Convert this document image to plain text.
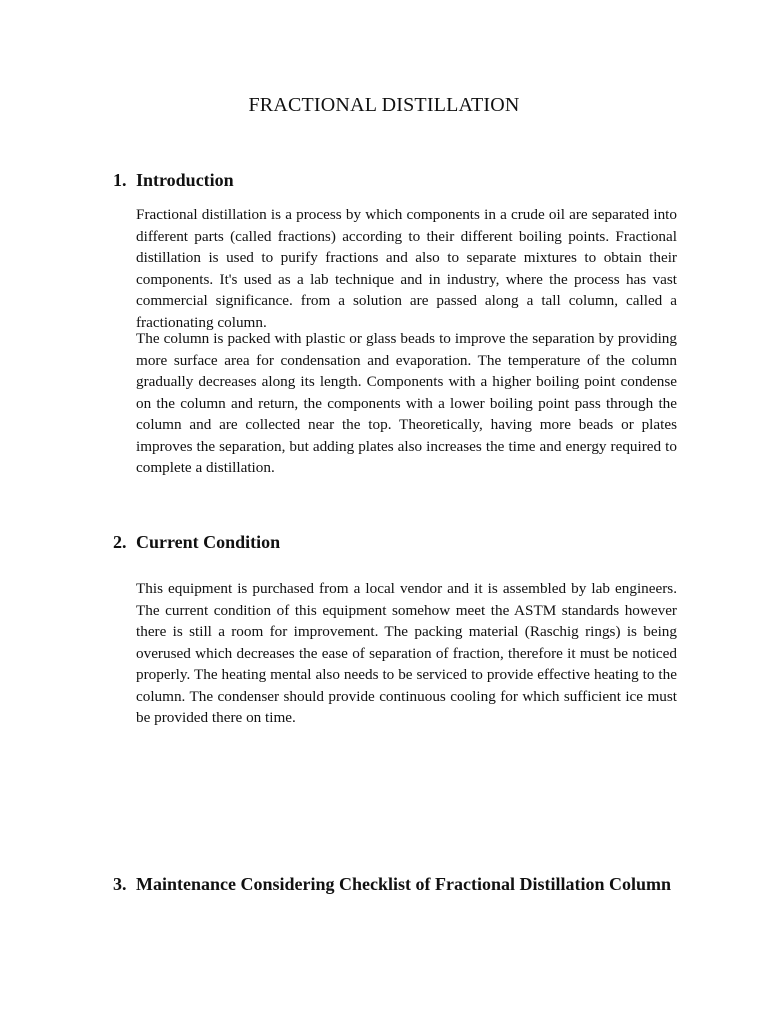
FRACTIONAL DISTILLATION
1. Introduction

Fractional distillation is a process by which components in a crude oil are separated into different parts (called fractions) according to their different boiling points. Fractional distillation is used to purify fractions and also to separate mixtures to obtain their components. It's used as a lab technique and in industry, where the process has vast commercial significance. from a solution are passed along a tall column, called a fractionating column.

The column is packed with plastic or glass beads to improve the separation by providing more surface area for condensation and evaporation. The temperature of the column gradually decreases along its length. Components with a higher boiling point condense on the column and return, the components with a lower boiling point pass through the column and are collected near the top. Theoretically, having more beads or plates improves the separation, but adding plates also increases the time and energy required to complete a distillation.

2. Current Condition

This equipment is purchased from a local vendor and it is assembled by lab engineers. The current condition of this equipment somehow meet the ASTM standards however there is still a room for improvement. The packing material (Raschig rings) is being overused which decreases the ease of separation of fraction, therefore it must be noticed properly. The heating mental also needs to be serviced to provide effective heating to the column. The condenser should provide continuous cooling for which sufficient ice must be provided there on time.

3. Maintenance Considering Checklist of Fractional Distillation Column
